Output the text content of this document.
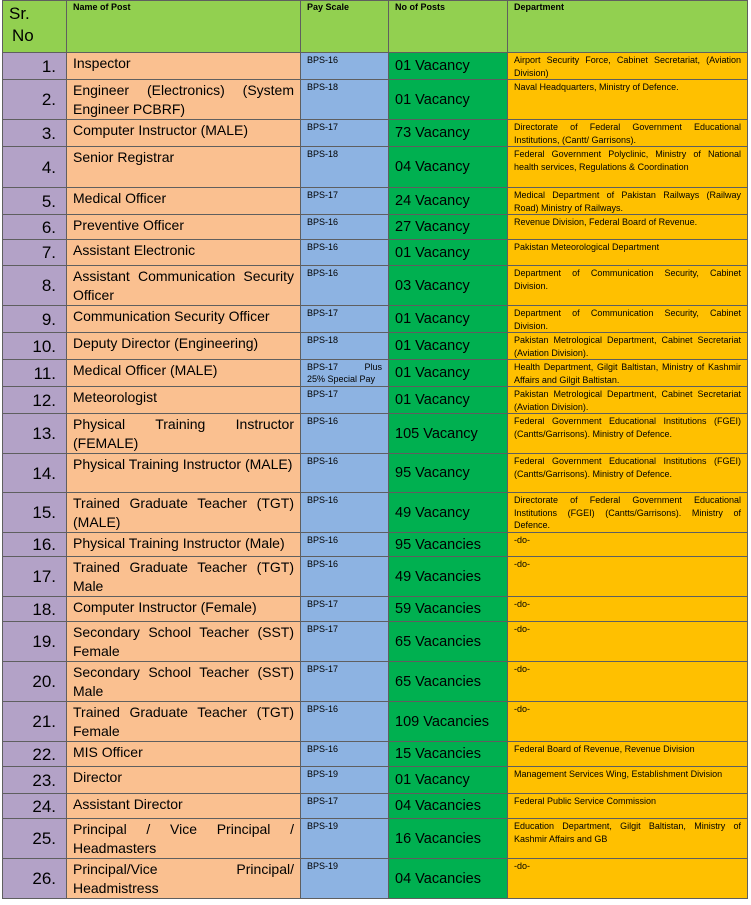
Sr.
No	Name of Post	Pay Scale	No of Posts	Department
1.	Inspector	BPS-16	01 Vacancy	Airport Security Force, Cabinet Secretariat, (Aviation Division)
2.	Engineer (Electronics) (System Engineer PCBRF)	BPS-18	01 Vacancy	Naval Headquarters, Ministry of Defence.
3.	Computer Instructor (MALE)	BPS-17	73 Vacancy	Directorate of Federal Government Educational Institutions, (Cantt/ Garrisons).
4.	Senior Registrar	BPS-18	04 Vacancy	Federal Government Polyclinic, Ministry of National health services, Regulations & Coordination
5.	Medical Officer	BPS-17	24 Vacancy	Medical Department of Pakistan Railways (Railway Road) Ministry of Railways.
6.	Preventive Officer	BPS-16	27 Vacancy	Revenue Division, Federal Board of Revenue.
7.	Assistant Electronic	BPS-16	01 Vacancy	Pakistan Meteorological Department
8.	Assistant Communication Security Officer	BPS-16	03 Vacancy	Department of Communication Security, Cabinet Division.
9.	Communication Security Officer	BPS-17	01 Vacancy	Department of Communication Security, Cabinet Division.
10.	Deputy Director (Engineering)	BPS-18	01 Vacancy	Pakistan Metrological Department, Cabinet Secretariat (Aviation Division).
11.	Medical Officer (MALE)	BPS-17 Plus
25% Special Pay	01 Vacancy	Health Department, Gilgit Baltistan, Ministry of Kashmir Affairs and Gilgit Baltistan.
12.	Meteorologist	BPS-17	01 Vacancy	Pakistan Metrological Department, Cabinet Secretariat (Aviation Division).
13.	Physical Training Instructor (FEMALE)	BPS-16	105 Vacancy	Federal Government Educational Institutions (FGEI) (Cantts/Garrisons). Ministry of Defence.
14.	Physical Training Instructor (MALE)	BPS-16	95 Vacancy	Federal Government Educational Institutions (FGEI) (Cantts/Garrisons). Ministry of Defence.
15.	Trained Graduate Teacher (TGT) (MALE)	BPS-16	49 Vacancy	Directorate of Federal Government Educational Institutions (FGEI) (Cantts/Garrisons). Ministry of Defence.
16.	Physical Training Instructor (Male)	BPS-16	95 Vacancies	-do-
17.	Trained Graduate Teacher (TGT) Male	BPS-16	49 Vacancies	-do-
18.	Computer Instructor (Female)	BPS-17	59 Vacancies	-do-
19.	Secondary School Teacher (SST) Female	BPS-17	65 Vacancies	-do-
20.	Secondary School Teacher (SST) Male	BPS-17	65 Vacancies	-do-
21.	Trained Graduate Teacher (TGT) Female	BPS-16	109 Vacancies	-do-
22.	MIS Officer	BPS-16	15 Vacancies	Federal Board of Revenue, Revenue Division
23.	Director	BPS-19	01 Vacancy	Management Services Wing, Establishment Division
24.	Assistant Director	BPS-17	04 Vacancies	Federal Public Service Commission
25.	Principal / Vice Principal / Headmasters	BPS-19	16 Vacancies	Education Department, Gilgit Baltistan, Ministry of Kashmir Affairs and GB
26.	Principal/Vice Principal/ Headmistress	BPS-19	04 Vacancies	-do-
